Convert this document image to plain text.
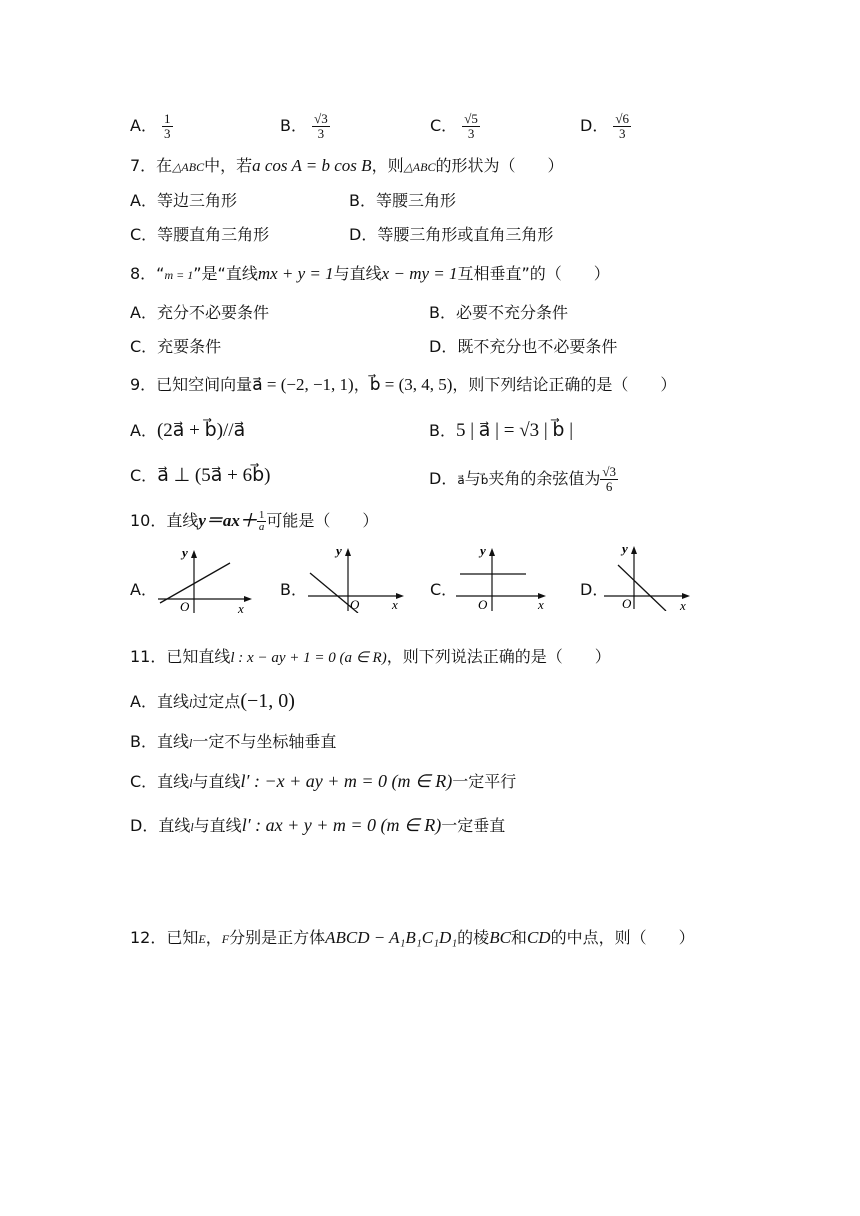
A． $\frac{1}{3}$	B． $\frac{√3}{3}$	C． $\frac{√5}{3}$	D． $\frac{√6}{3}$
7．在△ABC中，若a cos A = b cos B，则△ABC的形状为（　　）
A．等边三角形	B．等腰三角形
C．等腰直角三角形	D．等腰三角形或直角三角形
8．“m = 1”是“直线mx + y = 1与直线x − my = 1互相垂直”的（　　）
A．充分不必要条件	B．必要不充分条件
C．充要条件	D．既不充分也不必要条件
9．已知空间向量a⃗ = (−2, −1, 1)，b⃗ = (3, 4, 5)，则下列结论正确的是（　　）
A．(2a⃗ + b⃗)//a⃗	B．5 | a⃗ | = √3 | b⃗ |
C．a⃗ ⊥ (5a⃗ + 6b⃗)	D．a⃗与b⃗夹角的余弦值为 $\frac{√3}{6}$
10．直线$y=ax+ \frac{1}{a}$ 可能是（　　）
A．
y
x
O
B．
y
x
O
C．
y
x
O
D．
y
x
O
11．已知直线l : x − ay + 1 = 0 (a ∈ R)，则下列说法正确的是（　　）
A．直线l过定点(−1, 0)
B．直线l一定不与坐标轴垂直
C．直线l与直线l′ : −x + ay + m = 0 (m ∈ R)一定平行
D．直线l与直线l′ : ax + y + m = 0 (m ∈ R)一定垂直
12．已知E，F分别是正方体ABCD − A₁B₁C₁D₁的棱BC和CD的中点，则（　　）
